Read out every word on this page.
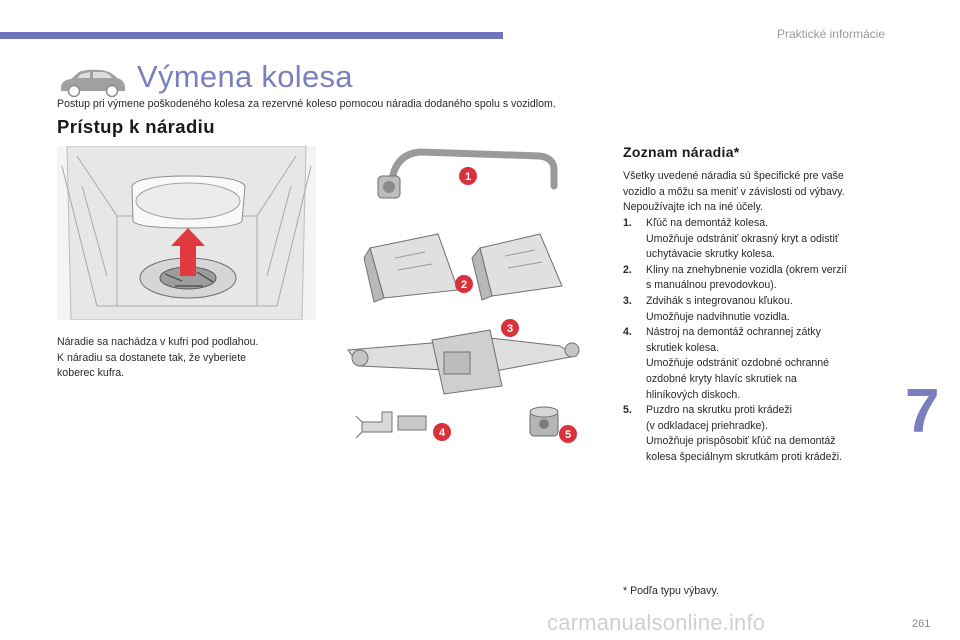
Praktické informácie
Výmena kolesa
Postup pri výmene poškodeného kolesa za rezervné koleso pomocou náradia dodaného spolu s vozidlom.
Prístup k náradiu
Náradie sa nachádza v kufri pod podlahou.
K náradiu sa dostanete tak, že vyberiete
koberec kufra.
1
2
3
4	5
Zoznam náradia*
Všetky uvedené náradia sú špecifické pre vaše
vozidlo a môžu sa meniť v závislosti od výbavy.
Nepoužívajte ich na iné účely.
1. Kľúč na demontáž kolesa.
Umožňuje odstrániť okrasný kryt a odistiť
uchytávacie skrutky kolesa.
2. Kliny na znehybnenie vozidla (okrem verzií
s manuálnou prevodovkou).
3. Zdvihák s integrovanou kľukou.
Umožňuje nadvihnutie vozidla.
4. Nástroj na demontáž ochrannej zátky
skrutiek kolesa.
Umožňuje odstrániť ozdobné ochranné
ozdobné kryty hlavíc skrutiek na
hliníkových diskoch.
5. Puzdro na skrutku proti krádeži
(v odkladacej priehradke).
Umožňuje prispôsobiť kľúč na demontáž
kolesa špeciálnym skrutkám proti krádeži.
* Podľa typu výbavy.
7
carmanualsonline.info	261
